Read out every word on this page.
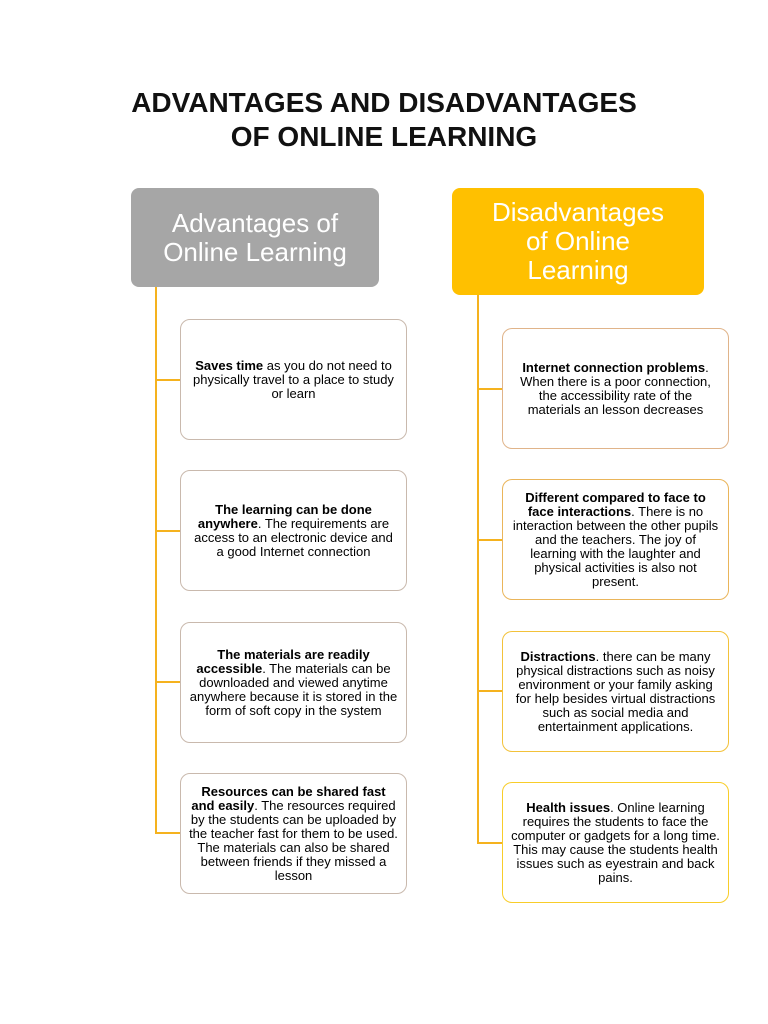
ADVANTAGES AND DISADVANTAGES
OF ONLINE LEARNING
Advantages of
Online Learning

Saves time as you do not need to physically travel to a place to study or learn

The learning can be done anywhere. The requirements are access to an electronic device and a good Internet connection

The materials are readily accessible. The materials can be downloaded and viewed anytime anywhere because it is stored in the form of soft copy in the system

Resources can be shared fast and easily. The resources required by the students can be uploaded by the teacher fast for them to be used. The materials can also be shared between friends if they missed a lesson

Disadvantages
of Online
Learning

Internet connection problems. When there is a poor connection, the accessibility rate of the materials an lesson decreases

Different compared to face to face interactions. There is no interaction between the other pupils and the teachers. The joy of learning with the laughter and physical activities is also not present.

Distractions. there can be many physical distractions such as noisy environment or your family asking for help besides virtual distractions such as social media and entertainment applications.

Health issues. Online learning requires the students to face the computer or gadgets for a long time. This may cause the students health issues such as eyestrain and back pains.
